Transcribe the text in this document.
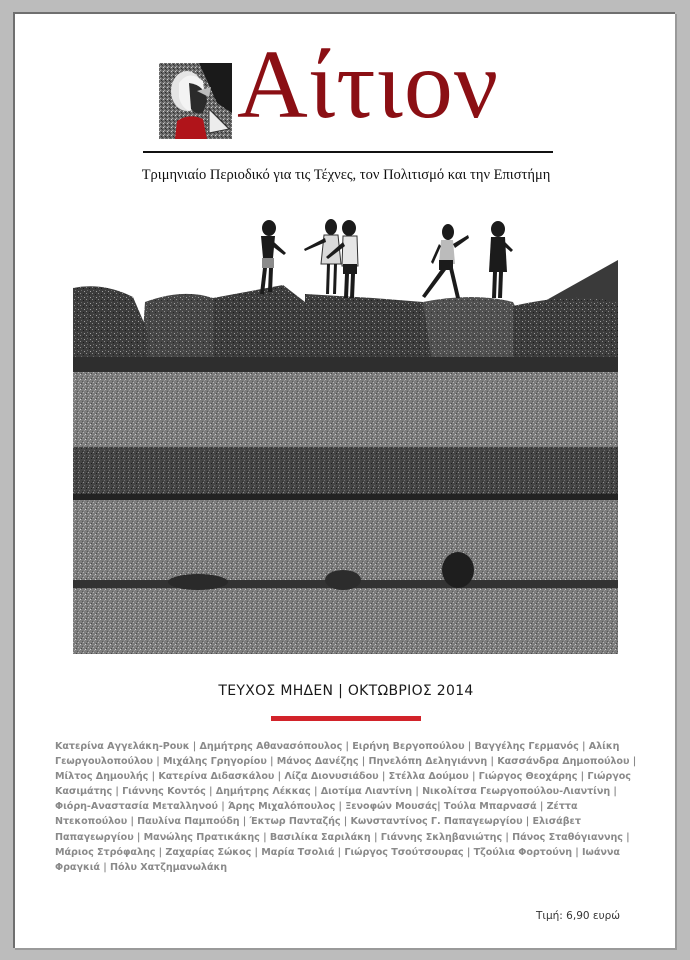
Αίτιον
Τριμηνιαίο Περιοδικό για τις Τέχνες, τον Πολιτισμό και την Επιστήμη
ΤΕΥΧΟΣ ΜΗΔΕΝ | ΟΚΤΩΒΡΙΟΣ 2014
Κατερίνα Αγγελάκη-Ρουκ | Δημήτρης Αθανασόπουλος | Ειρήνη Βεργοπούλου | Βαγγέλης Γερμανός | Αλίκη Γεωργουλοπούλου | Μιχάλης Γρηγορίου | Μάνος Δανέζης | Πηνελόπη Δεληγιάννη | Κασσάνδρα Δημοπούλου | Μίλτος Δημουλής | Κατερίνα Διδασκάλου | Λίζα Διονυσιάδου | Στέλλα Δούμου | Γιώργος Θεοχάρης | Γιώργος Κασιμάτης | Γιάννης Κοντός | Δημήτρης Λέκκας | Διοτίμα Λιαντίνη | Νικολίτσα Γεωργοπούλου-Λιαντίνη | Φιόρη-Αναστασία Μεταλληνού | Άρης Μιχαλόπουλος | Ξενοφών Μουσάς| Τούλα Μπαρνασά | Ζέττα Ντεκοπούλου | Παυλίνα Παμπούδη | Έκτωρ Πανταζής | Κωνσταντίνος Γ. Παπαγεωργίου | Ελισάβετ Παπαγεωργίου | Μανώλης Πρατικάκης | Βασιλίκα Σαριλάκη | Γιάννης Σκληβανιώτης | Πάνος Σταθόγιαννης | Μάριος Στρόφαλης | Ζαχαρίας Σώκος | Μαρία Τσολιά | Γιώργος Τσούτσουρας | Τζούλια Φορτούνη | Ιωάννα Φραγκιά | Πόλυ Χατζημανωλάκη
Τιμή: 6,90 ευρώ
